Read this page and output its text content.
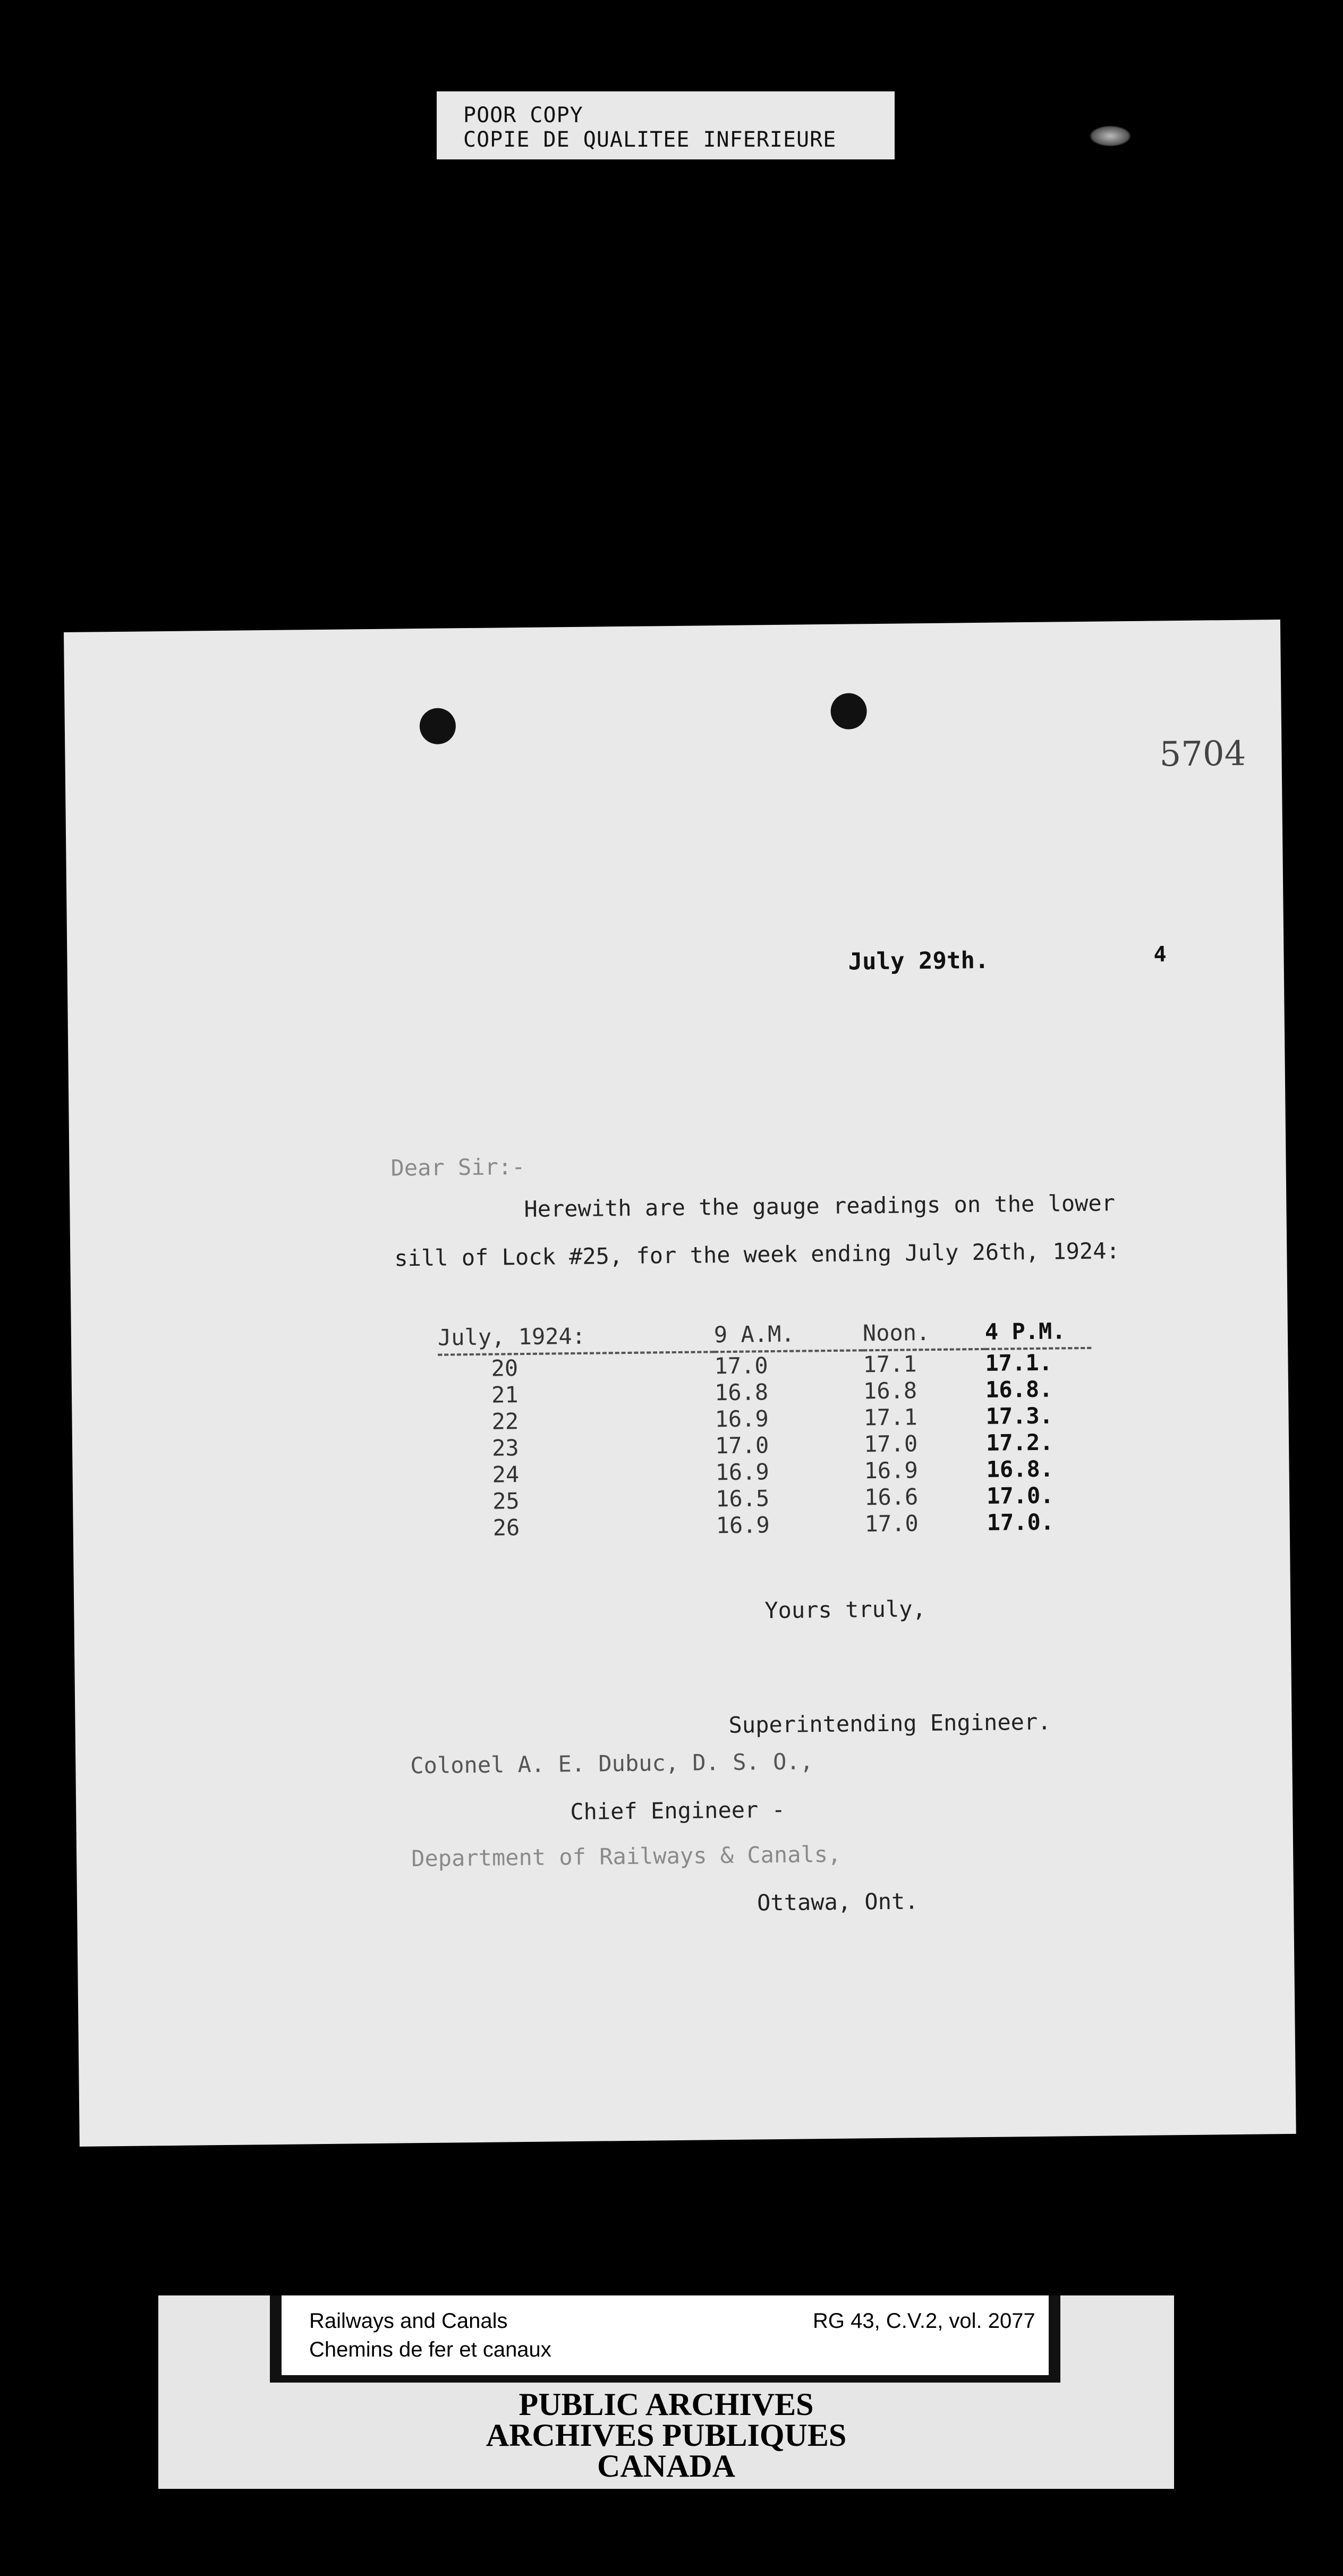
POOR COPY
COPIE DE QUALITEE INFERIEURE
5704
July 29th.	4
Dear Sir:-
Herewith are the gauge readings on the lower
sill of Lock #25, for the week ending July 26th, 1924:
July, 1924:	9 A.M.	Noon.	4 P.M.
20	17.0	17.1	17.1.
21	16.8	16.8	16.8.
22	16.9	17.1	17.3.
23	17.0	17.0	17.2.
24	16.9	16.9	16.8.
25	16.5	16.6	17.0.
26	16.9	17.0	17.0.
Yours truly,
Superintending Engineer.
Colonel A. E. Dubuc, D. S. O.,
Chief Engineer -
Department of Railways & Canals,
Ottawa, Ont.
Railways and Canals
Chemins de fer et canaux
RG 43, C.V.2, vol. 2077
PUBLIC ARCHIVES
ARCHIVES PUBLIQUES
CANADA
